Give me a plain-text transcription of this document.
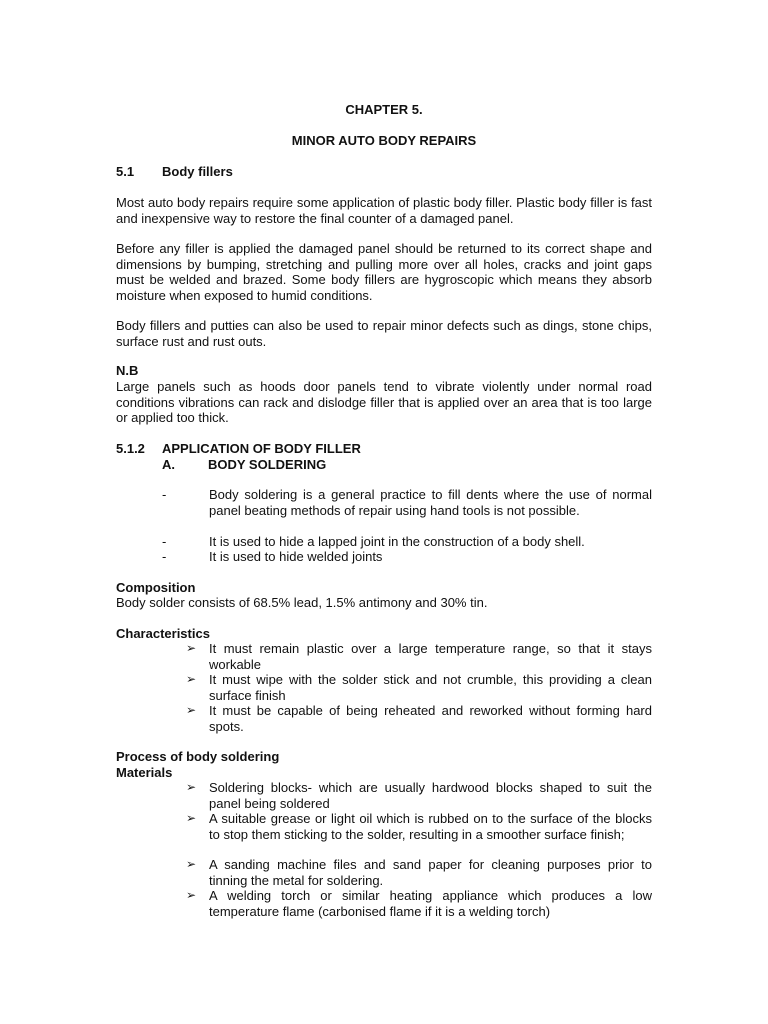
CHAPTER 5.
MINOR AUTO BODY REPAIRS
5.1 Body fillers
Most auto body repairs require some application of plastic body filler. Plastic body filler is fast and inexpensive way to restore the final counter of a damaged panel.
Before any filler is applied the damaged panel should be returned to its correct shape and dimensions by bumping, stretching and pulling more over all holes, cracks and joint gaps must be welded and brazed. Some body fillers are hygroscopic which means they absorb moisture when exposed to humid conditions.
Body fillers and putties can also be used to repair minor defects such as dings, stone chips, surface rust and rust outs.
N.B
Large panels such as hoods door panels tend to vibrate violently under normal road conditions vibrations can rack and dislodge filler that is applied over an area that is too large or applied too thick.
5.1.2 APPLICATION OF BODY FILLER
A.	BODY SOLDERING
-	Body soldering is a general practice to fill dents where the use of normal panel beating methods of repair using hand tools is not possible.
-	It is used to hide a lapped joint in the construction of a body shell.
-	It is used to hide welded joints
Composition
Body solder consists of 68.5% lead, 1.5% antimony and 30% tin.
Characteristics
➢ It must remain plastic over a large temperature range, so that it stays workable
➢ It must wipe with the solder stick and not crumble, this providing a clean surface finish
➢ It must be capable of being reheated and reworked without forming hard spots.
Process of body soldering
Materials
➢ Soldering blocks- which are usually hardwood blocks shaped to suit the panel being soldered
➢ A suitable grease or light oil which is rubbed on to the surface of the blocks to stop them sticking to the solder, resulting in a smoother surface finish;
➢ A sanding machine files and sand paper for cleaning purposes prior to tinning the metal for soldering.
➢ A welding torch or similar heating appliance which produces a low temperature flame (carbonised flame if it is a welding torch)
